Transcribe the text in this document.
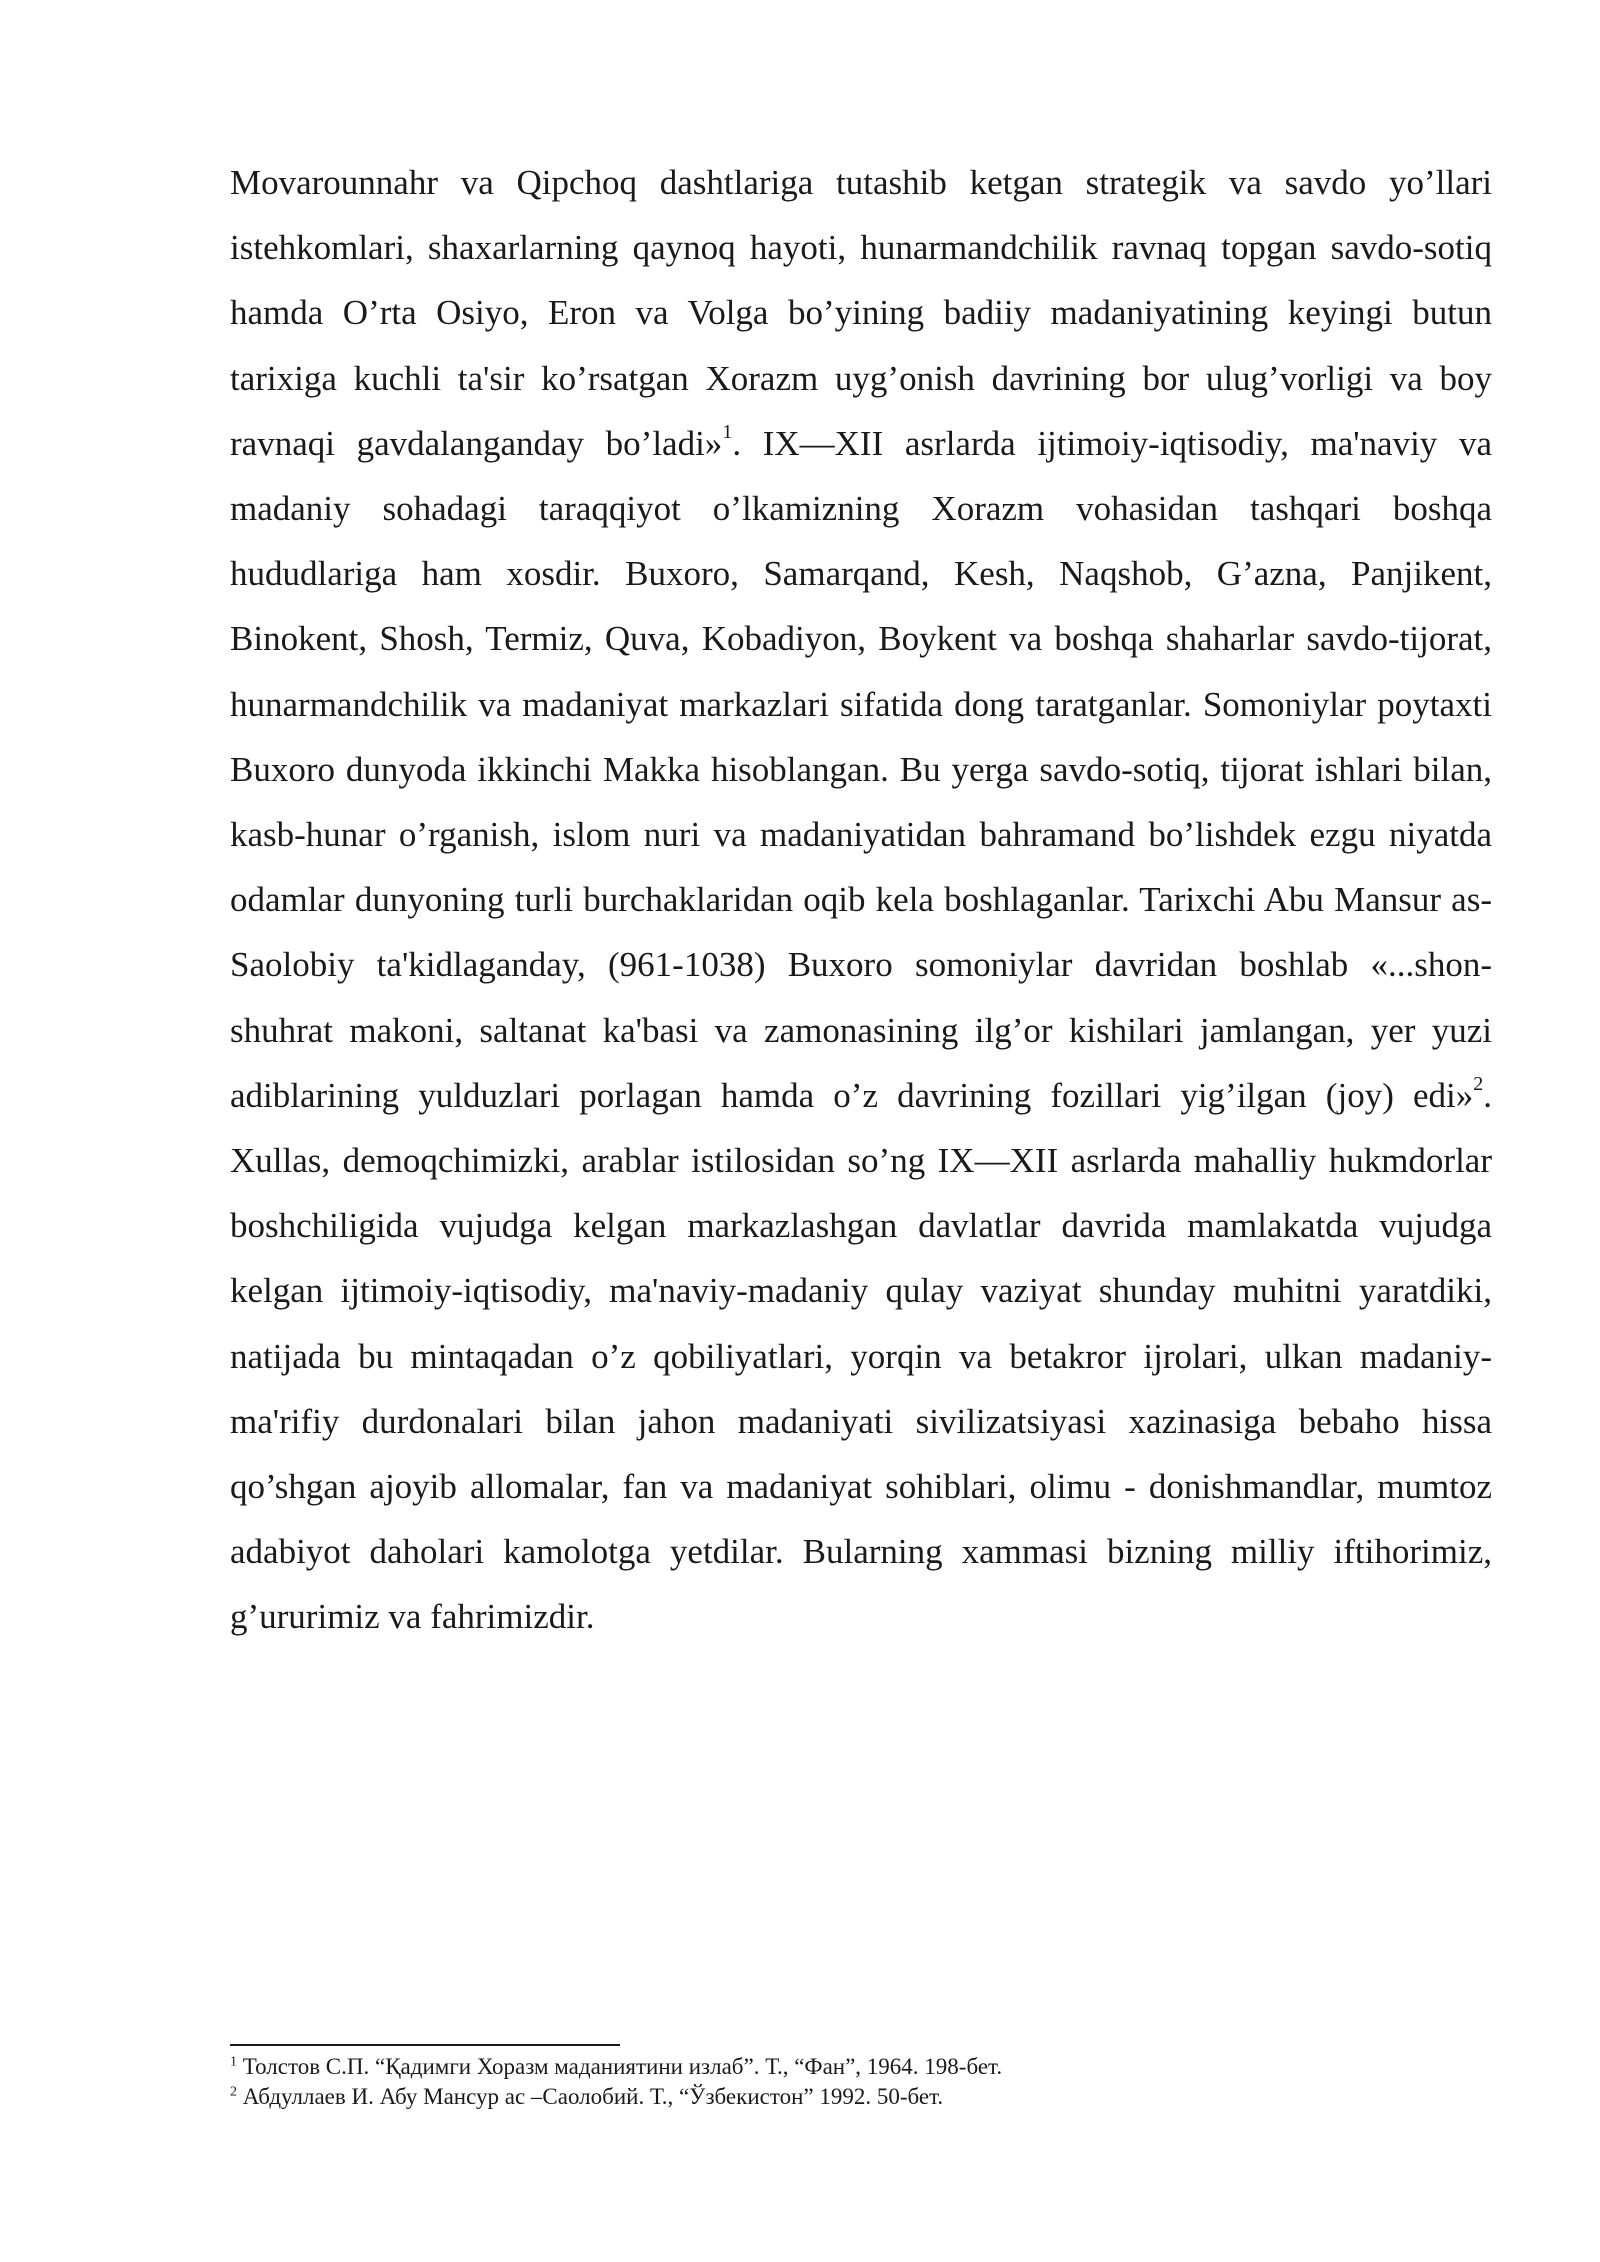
Movarounnahr va Qipchoq dashtlariga tutashib ketgan strategik va savdo yo’llari istehkomlari, shaxarlarning qaynoq hayoti, hunarmandchilik ravnaq topgan savdo-sotiq hamda O’rta Osiyo, Eron va Volga bo’yining badiiy madaniyatining keyingi butun tarixiga kuchli ta'sir ko’rsatgan Xorazm uyg’onish davrining bor ulug’vorligi va boy ravnaqi gavdalanganday bo’ladi»$^1$. IX—XII asrlarda ijtimoiy-iqtisodiy, ma'naviy va madaniy sohadagi taraqqiyot o’lkamizning Xorazm vohasidan tashqari boshqa hududlariga ham xosdir. Buxoro, Samarqand, Kesh, Naqshob, G’azna, Panjikent, Binokent, Shosh, Termiz, Quva, Kobadiyon, Boykent va boshqa shaharlar savdo-tijorat, hunarmandchilik va madaniyat markazlari sifatida dong taratganlar. Somoniylar poytaxti Buxoro dunyoda ikkinchi Makka hisoblangan. Bu yerga savdo-sotiq, tijorat ishlari bilan, kasb-hunar o’rganish, islom nuri va madaniyatidan bahramand bo’lishdek ezgu niyatda odamlar dunyoning turli burchaklaridan oqib kela boshlaganlar. Tarixchi Abu Mansur as-Saolobiy ta'kidlaganday, (961-1038) Buxoro somoniylar davridan boshlab «...shon-shuhrat makoni, saltanat ka'basi va zamonasining ilg’or kishilari jamlangan, yer yuzi adiblarining yulduzlari porlagan hamda o’z davrining fozillari yig’ilgan (joy) edi»$^2$. Xullas, demoqchimizki, arablar istilosidan so’ng IX—XII asrlarda mahalliy hukmdorlar boshchiligida vujudga kelgan markazlashgan davlatlar davrida mamlakatda vujudga kelgan ijtimoiy-iqtisodiy, ma'naviy-madaniy qulay vaziyat shunday muhitni yaratdiki, natijada bu mintaqadan o’z qobiliyatlari, yorqin va betakror ijrolari, ulkan madaniy-ma'rifiy durdonalari bilan jahon madaniyati sivilizatsiyasi xazinasiga bebaho hissa qo’shgan ajoyib allomalar, fan va madaniyat sohiblari, olimu - donishmandlar, mumtoz adabiyot daholari kamolotga yetdilar. Bularning xammasi bizning milliy iftihorimiz, g’ururimiz va fahrimizdir.

$^1$ Толстов С.П. “Қадимги Хоразм маданиятини излаб”. Т., “Фан”, 1964. 198-бет.

$^2$ Абдуллаев И. Абу Мансур ас –Саолобий. Т., “Ўзбекистон” 1992. 50-бет.
